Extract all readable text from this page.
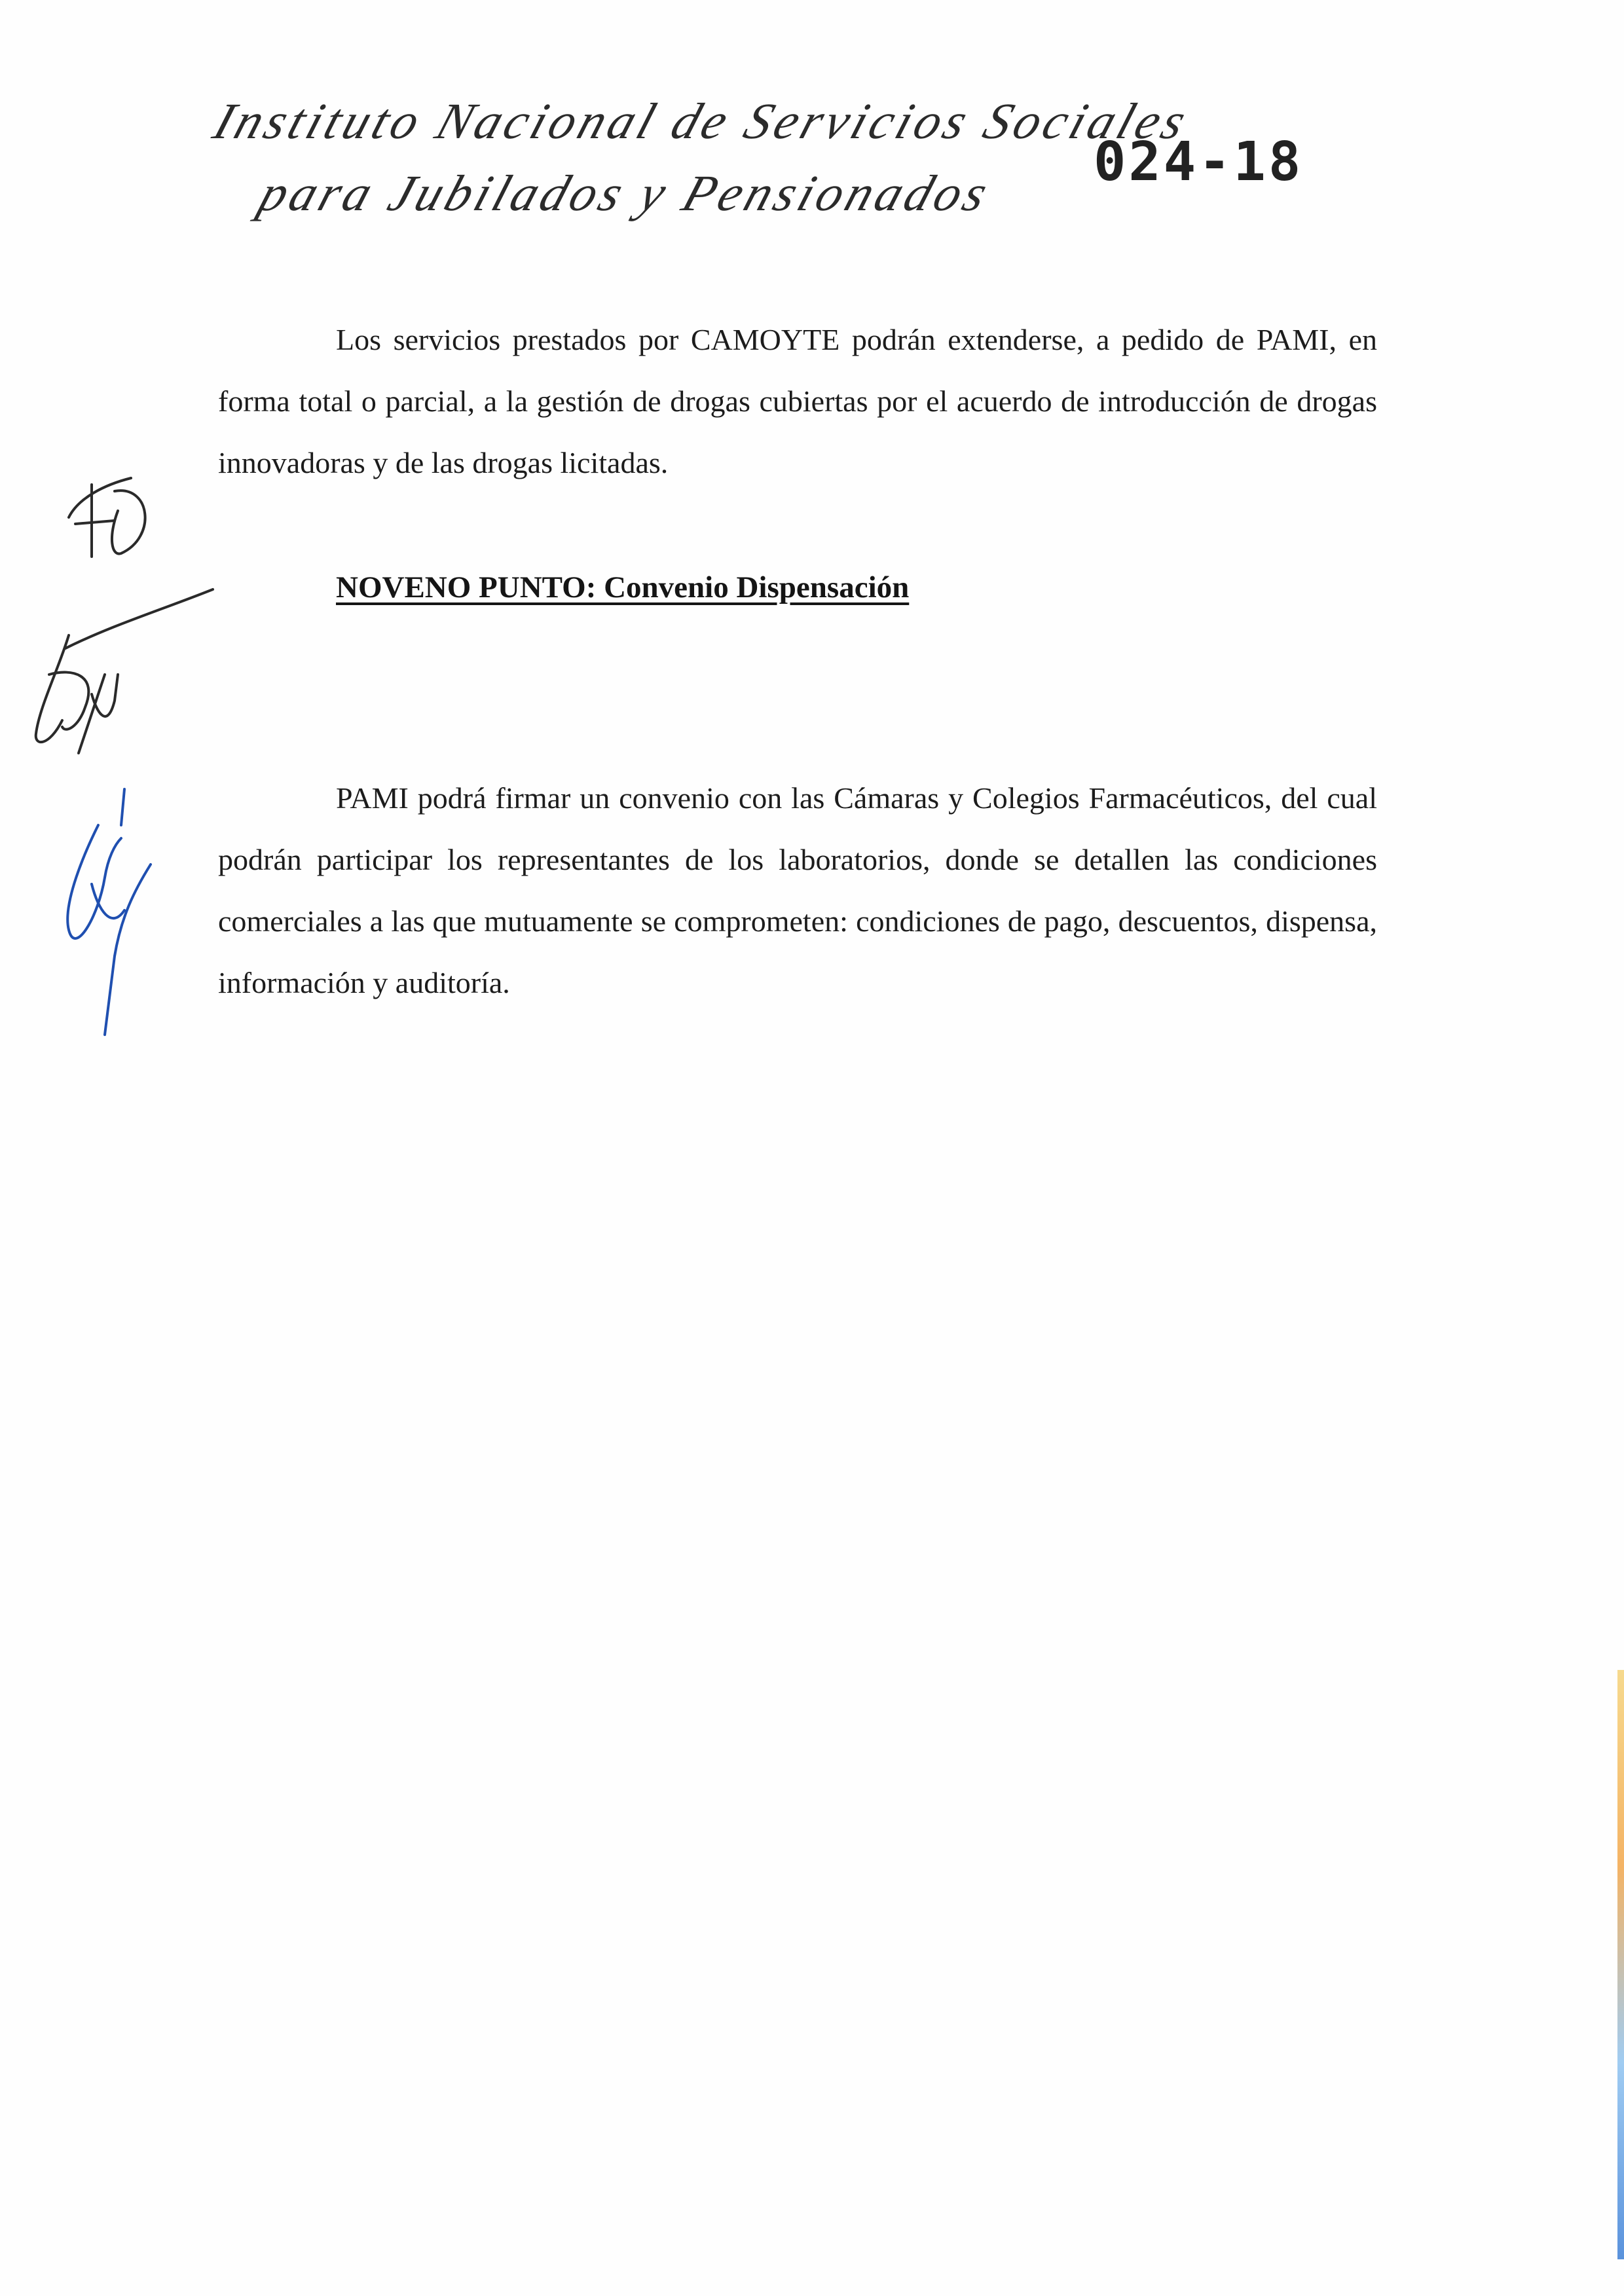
Instituto Nacional de Servicios Sociales
para Jubilados y Pensionados 024-18

Los servicios prestados por CAMOYTE podrán extenderse, a pedido de PAMI, en forma total o parcial, a la gestión de drogas cubiertas por el acuerdo de introducción de drogas innovadoras y de las drogas licitadas.

NOVENO PUNTO: Convenio Dispensación

PAMI podrá firmar un convenio con las Cámaras y Colegios Farmacéuticos, del cual podrán participar los representantes de los laboratorios, donde se detallen las condiciones comerciales a las que mutuamente se comprometen: condiciones de pago, descuentos, dispensa, información y auditoría.
